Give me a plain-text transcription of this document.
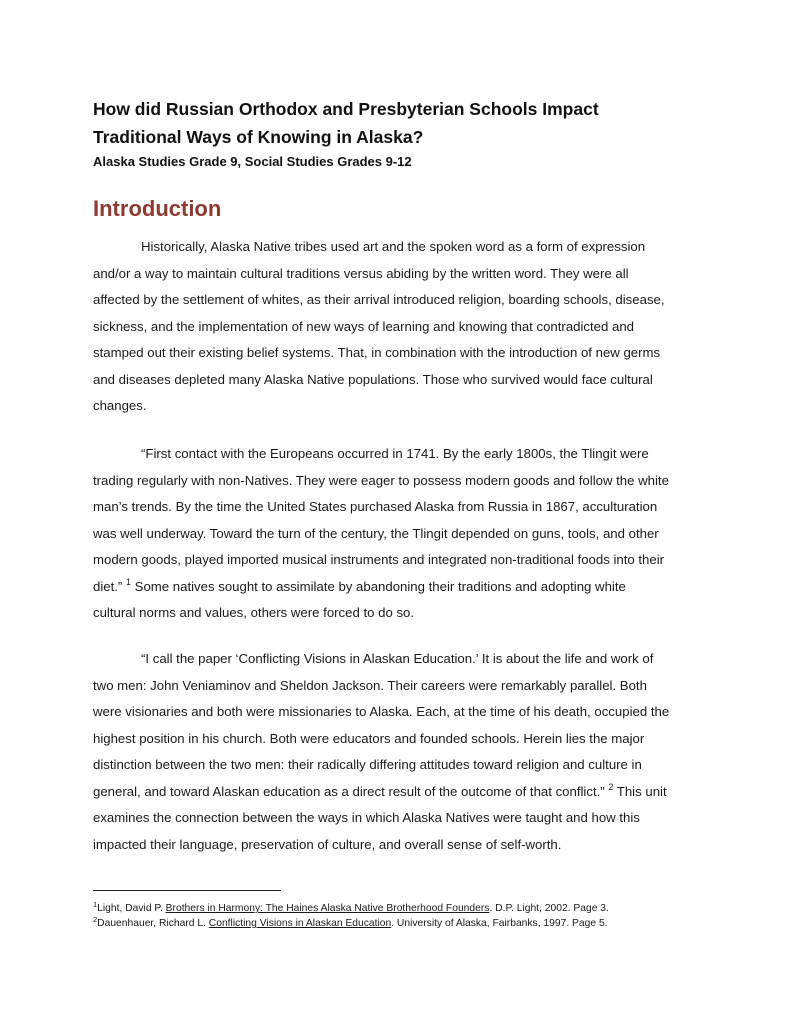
How did Russian Orthodox and Presbyterian Schools Impact
Traditional Ways of Knowing in Alaska?
Alaska Studies Grade 9, Social Studies Grades 9-12
Introduction
Historically, Alaska Native tribes used art and the spoken word as a form of expression
and/or a way to maintain cultural traditions versus abiding by the written word. They were all
affected by the settlement of whites, as their arrival introduced religion, boarding schools, disease,
sickness, and the implementation of new ways of learning and knowing that contradicted and
stamped out their existing belief systems. That, in combination with the introduction of new germs
and diseases depleted many Alaska Native populations. Those who survived would face cultural
changes.
“First contact with the Europeans occurred in 1741. By the early 1800s, the Tlingit were
trading regularly with non-Natives. They were eager to possess modern goods and follow the white
man’s trends. By the time the United States purchased Alaska from Russia in 1867, acculturation
was well underway. Toward the turn of the century, the Tlingit depended on guns, tools, and other
modern goods, played imported musical instruments and integrated non-traditional foods into their
diet.” $^1$ Some natives sought to assimilate by abandoning their traditions and adopting white
cultural norms and values, others were forced to do so.
“I call the paper ‘Conflicting Visions in Alaskan Education.’ It is about the life and work of
two men: John Veniaminov and Sheldon Jackson. Their careers were remarkably parallel. Both
were visionaries and both were missionaries to Alaska. Each, at the time of his death, occupied the
highest position in his church. Both were educators and founded schools. Herein lies the major
distinction between the two men: their radically differing attitudes toward religion and culture in
general, and toward Alaskan education as a direct result of the outcome of that conflict.” $^2$ This unit
examines the connection between the ways in which Alaska Natives were taught and how this
impacted their language, preservation of culture, and overall sense of self-worth.
$^1$Light, David P. Brothers in Harmony: The Haines Alaska Native Brotherhood Founders. D.P. Light, 2002. Page 3.
$^2$Dauenhauer, Richard L. Conflicting Visions in Alaskan Education. University of Alaska, Fairbanks, 1997. Page 5.
